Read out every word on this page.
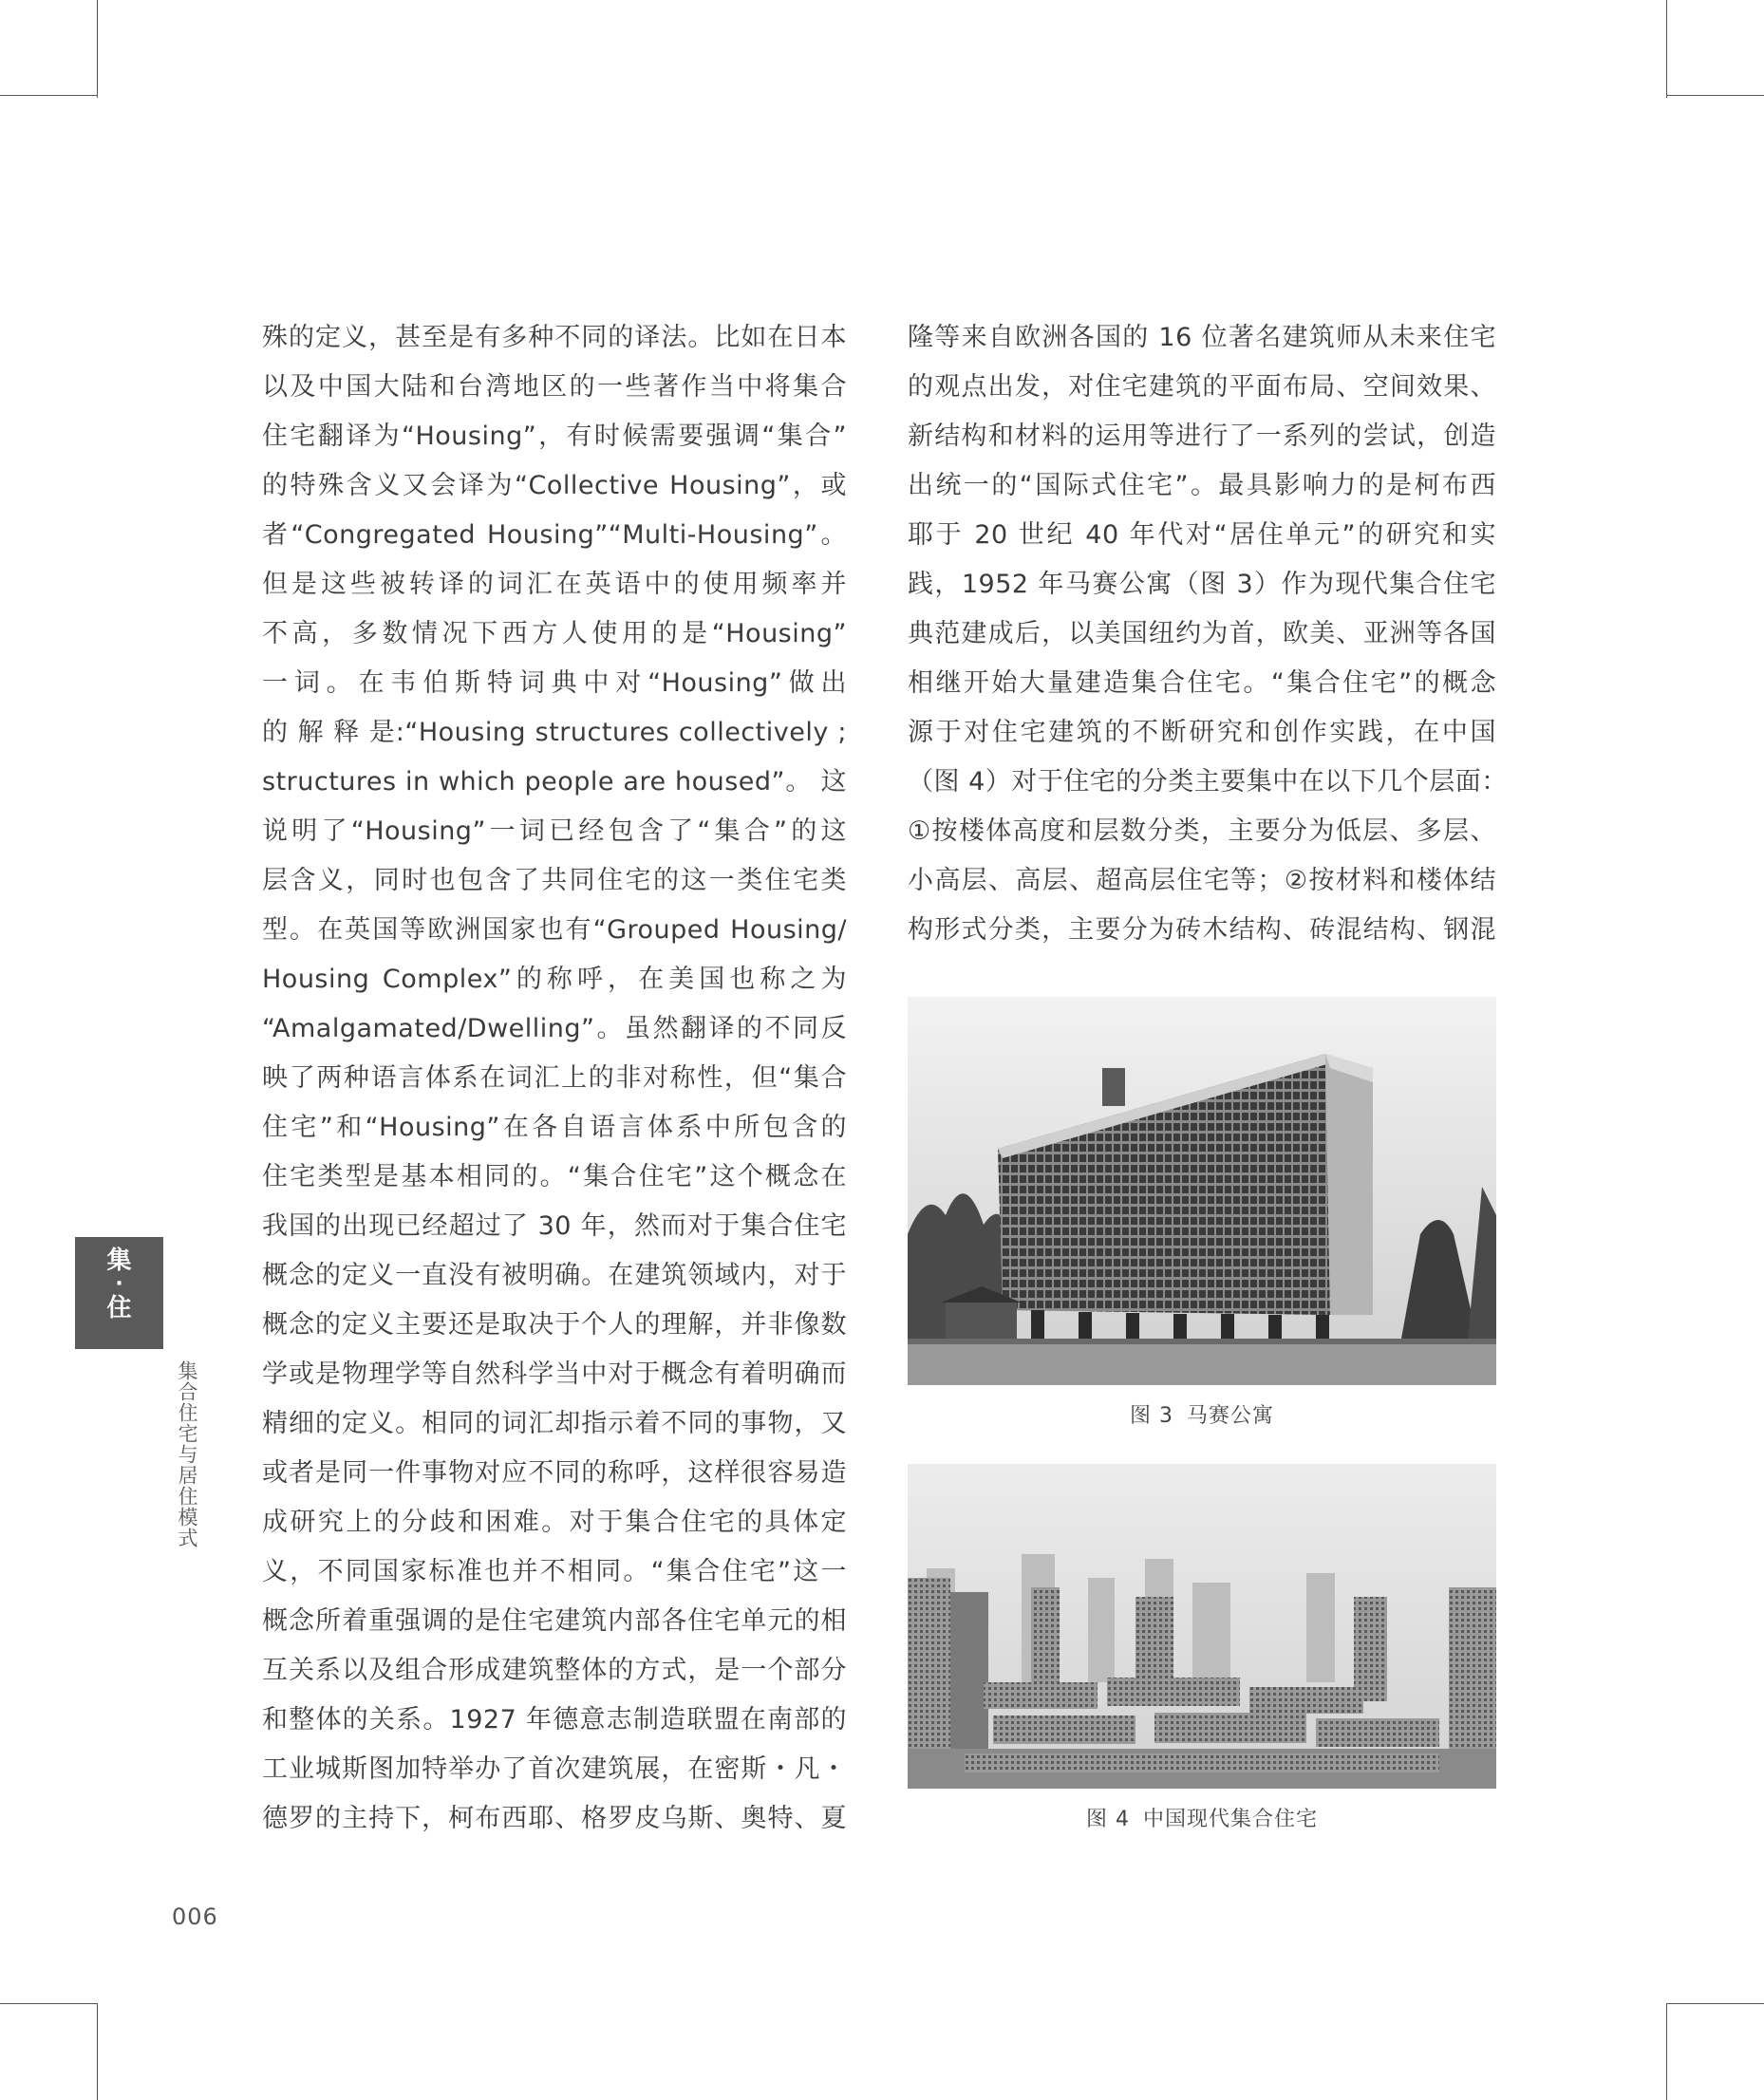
集
·
住
集合住宅与居住模式
殊的定义，甚至是有多种不同的译法。比如在日本
以及中国大陆和台湾地区的一些著作当中将集合
住宅翻译为“Housing”，有时候需要强调“集合”
的特殊含义又会译为“Collective Housing”，或
者“Congregated Housing”“Multi-Housing”。
但是这些被转译的词汇在英语中的使用频率并
不高，多数情况下西方人使用的是“Housing”
一词。在韦伯斯特词典中对“Housing”做出
的 解 释 是:“Housing structures collectively ;
structures in which people are housed”。 这
说明了“Housing”一词已经包含了“集合”的这
层含义，同时也包含了共同住宅的这一类住宅类
型。在英国等欧洲国家也有“Grouped Housing/
Housing Complex”的称呼，在美国也称之为
“Amalgamated/Dwelling”。虽然翻译的不同反
映了两种语言体系在词汇上的非对称性，但“集合
住宅”和“Housing”在各自语言体系中所包含的
住宅类型是基本相同的。“集合住宅”这个概念在
我国的出现已经超过了 30 年，然而对于集合住宅
概念的定义一直没有被明确。在建筑领域内，对于
概念的定义主要还是取决于个人的理解，并非像数
学或是物理学等自然科学当中对于概念有着明确而
精细的定义。相同的词汇却指示着不同的事物，又
或者是同一件事物对应不同的称呼，这样很容易造
成研究上的分歧和困难。对于集合住宅的具体定
义，不同国家标准也并不相同。“集合住宅”这一
概念所着重强调的是住宅建筑内部各住宅单元的相
互关系以及组合形成建筑整体的方式，是一个部分
和整体的关系。1927 年德意志制造联盟在南部的
工业城斯图加特举办了首次建筑展，在密斯・凡・
德罗的主持下，柯布西耶、格罗皮乌斯、奥特、夏
隆等来自欧洲各国的 16 位著名建筑师从未来住宅
的观点出发，对住宅建筑的平面布局、空间效果、
新结构和材料的运用等进行了一系列的尝试，创造
出统一的“国际式住宅”。最具影响力的是柯布西
耶于 20 世纪 40 年代对“居住单元”的研究和实
践，1952 年马赛公寓（图 3）作为现代集合住宅
典范建成后，以美国纽约为首，欧美、亚洲等各国
相继开始大量建造集合住宅。“集合住宅”的概念
源于对住宅建筑的不断研究和创作实践，在中国
（图 4）对于住宅的分类主要集中在以下几个层面：
①按楼体高度和层数分类，主要分为低层、多层、
小高层、高层、超高层住宅等；②按材料和楼体结
构形式分类，主要分为砖木结构、砖混结构、钢混
图 3 马赛公寓
图 4 中国现代集合住宅
006
